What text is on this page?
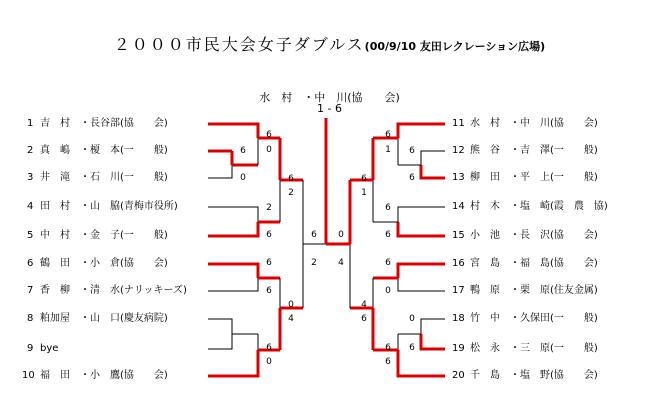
２０００市民大会女子ダブルス(00/9/10 友田レクレーション広場)
水　村　・中　川(協　　会)
1 - 6
1 吉　村　・長谷部(協　　会)
2 真　嶋　・榎　本(一　　般)
3 井　滝　・石　川(一　　般)
4 田　村　・山　脇(青梅市役所)
5 中　村　・金　子(一　　般)
6 鶴　田　・小　倉(協　　会)
7 香　柳　・清　水(ナリッキーズ)
8 粕加屋　・山　口(慶友病院)
9 bye
10 福　田　・小　鷹(協　　会)
11 水　村　・中　川(協　　会)
12 熊　谷　・吉　澤(一　　般)
13 柳　田　・平　上(一　　般)
14 村　木　・塩　崎(霞　農　協)
15 小　池　・長　沢(協　　会)
16 宮　島　・福　島(協　　会)
17 鴨　原　・栗　原(住友金属)
18 竹　中　・久保田(一　　般)
19 松　永　・三　原(一　　般)
20 千　島　・塩　野(協　　会)
6
0
6
0	6
2
2
6	6
2
6
6
0
4
6
0
6
1	6
6
6
1
6
6
0
4	6
0
4
6	0
6
6
6
